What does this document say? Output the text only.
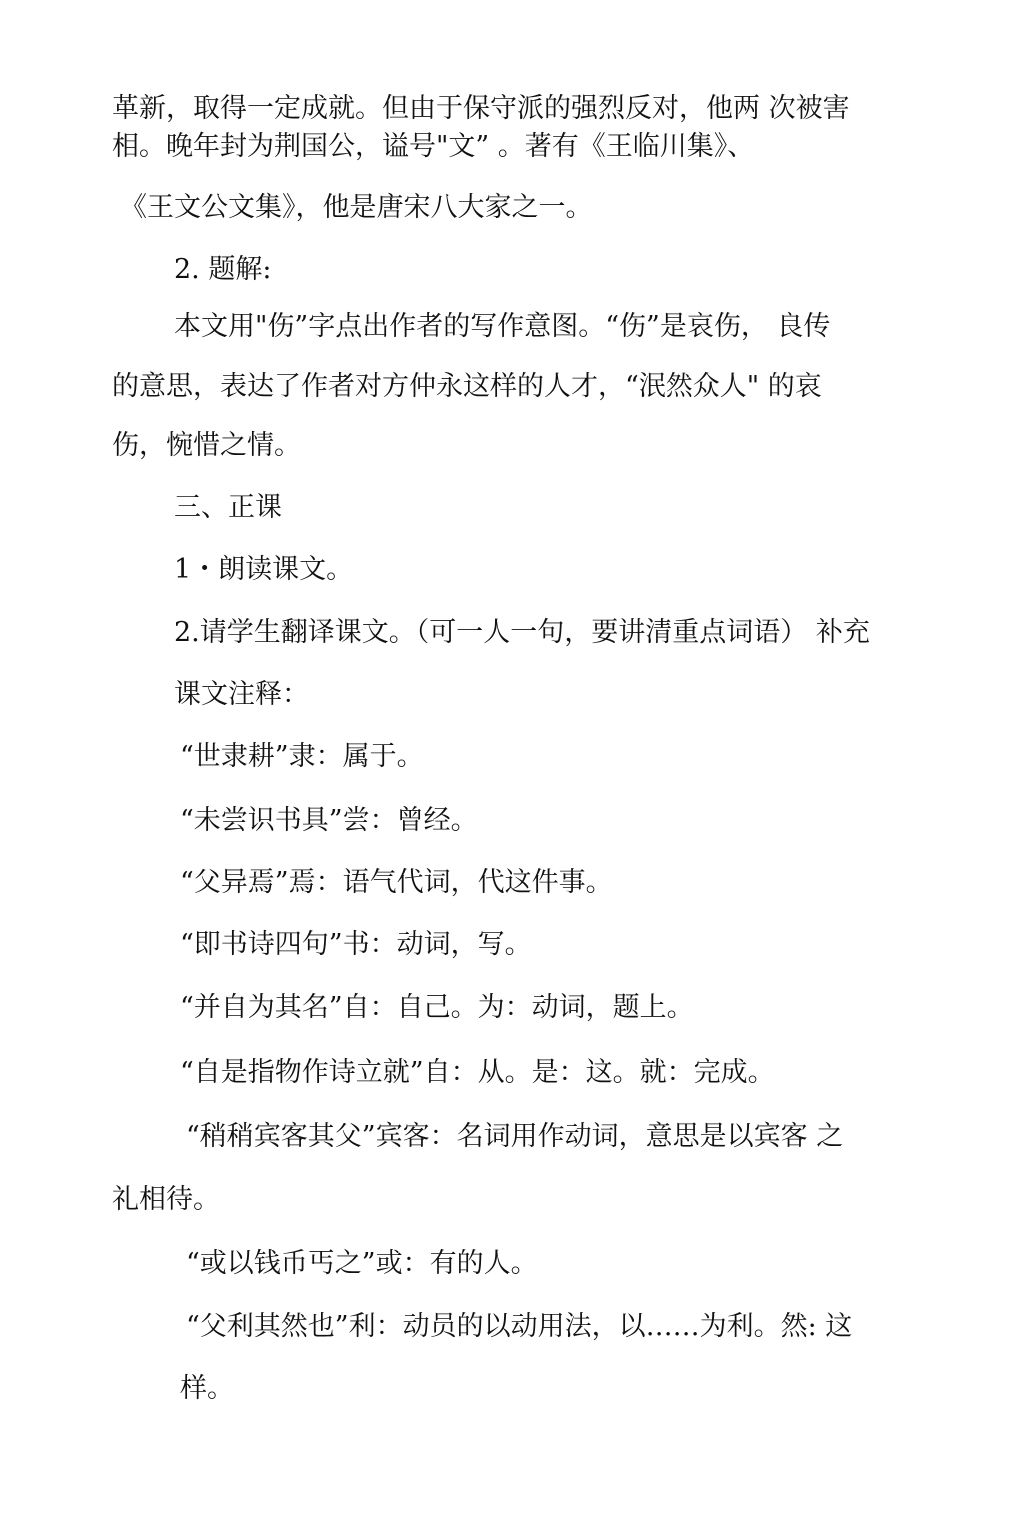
革新，取得一定成就。但由于保守派的强烈反对，他两 次被害

相。晚年封为荆国公，谥号"文” 。著有《王临川集》、

《王文公文集》，他是唐宋八大家之一。

2. 题解:

本文用"伤”字点出作者的写作意图。“伤”是哀伤， 良传

的意思，表达了作者对方仲永这样的人才，“泯然众人" 的哀

伤，惋惜之情。

三、正课

1・朗读课文。

2.请学生翻译课文。（可一人一句，要讲清重点词语） 补充

课文注释：

“世隶耕”隶：属于。

“未尝识书具”尝：曾经。

“父异焉”焉：语气代词，代这件事。

“即书诗四句”书：动词，写。

“并自为其名”自：自己。为：动词，题上。

“自是指物作诗立就”自：从。是：这。就：完成。

“稍稍宾客其父”宾客：名词用作动词，意思是以宾客 之

礼相待。

“或以钱币丐之”或：有的人。

“父利其然也”利：动员的以动用法，以……为利。然: 这

样。
